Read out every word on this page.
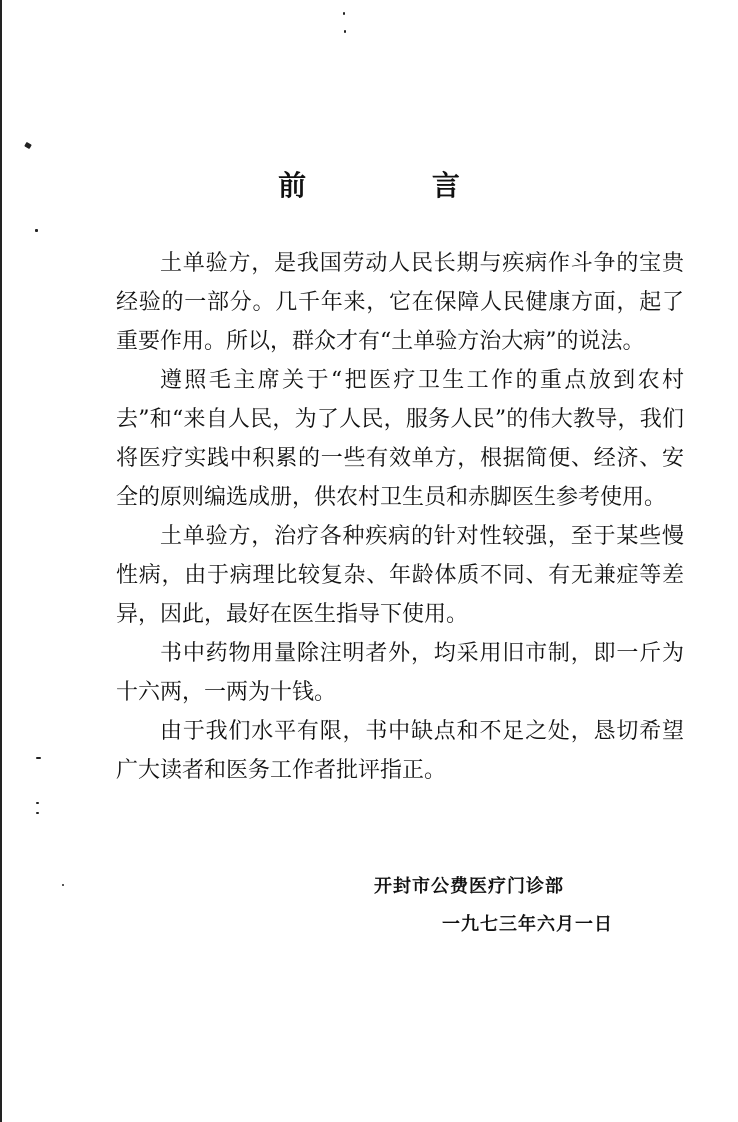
前 言

土单验方，是我国劳动人民长期与疾病作斗争的宝贵经验的一部分。几千年来，它在保障人民健康方面，起了重要作用。所以，群众才有“土单验方治大病”的说法。

遵照毛主席关于“把医疗卫生工作的重点放到农村去”和“来自人民，为了人民，服务人民”的伟大教导，我们将医疗实践中积累的一些有效单方，根据简便、经济、安全的原则编选成册，供农村卫生员和赤脚医生参考使用。

土单验方，治疗各种疾病的针对性较强，至于某些慢性病，由于病理比较复杂、年龄体质不同、有无兼症等差异，因此，最好在医生指导下使用。

书中药物用量除注明者外，均采用旧市制，即一斤为十六两，一两为十钱。

由于我们水平有限，书中缺点和不足之处，恳切希望广大读者和医务工作者批评指正。

开封市公费医疗门诊部
一九七三年六月一日
